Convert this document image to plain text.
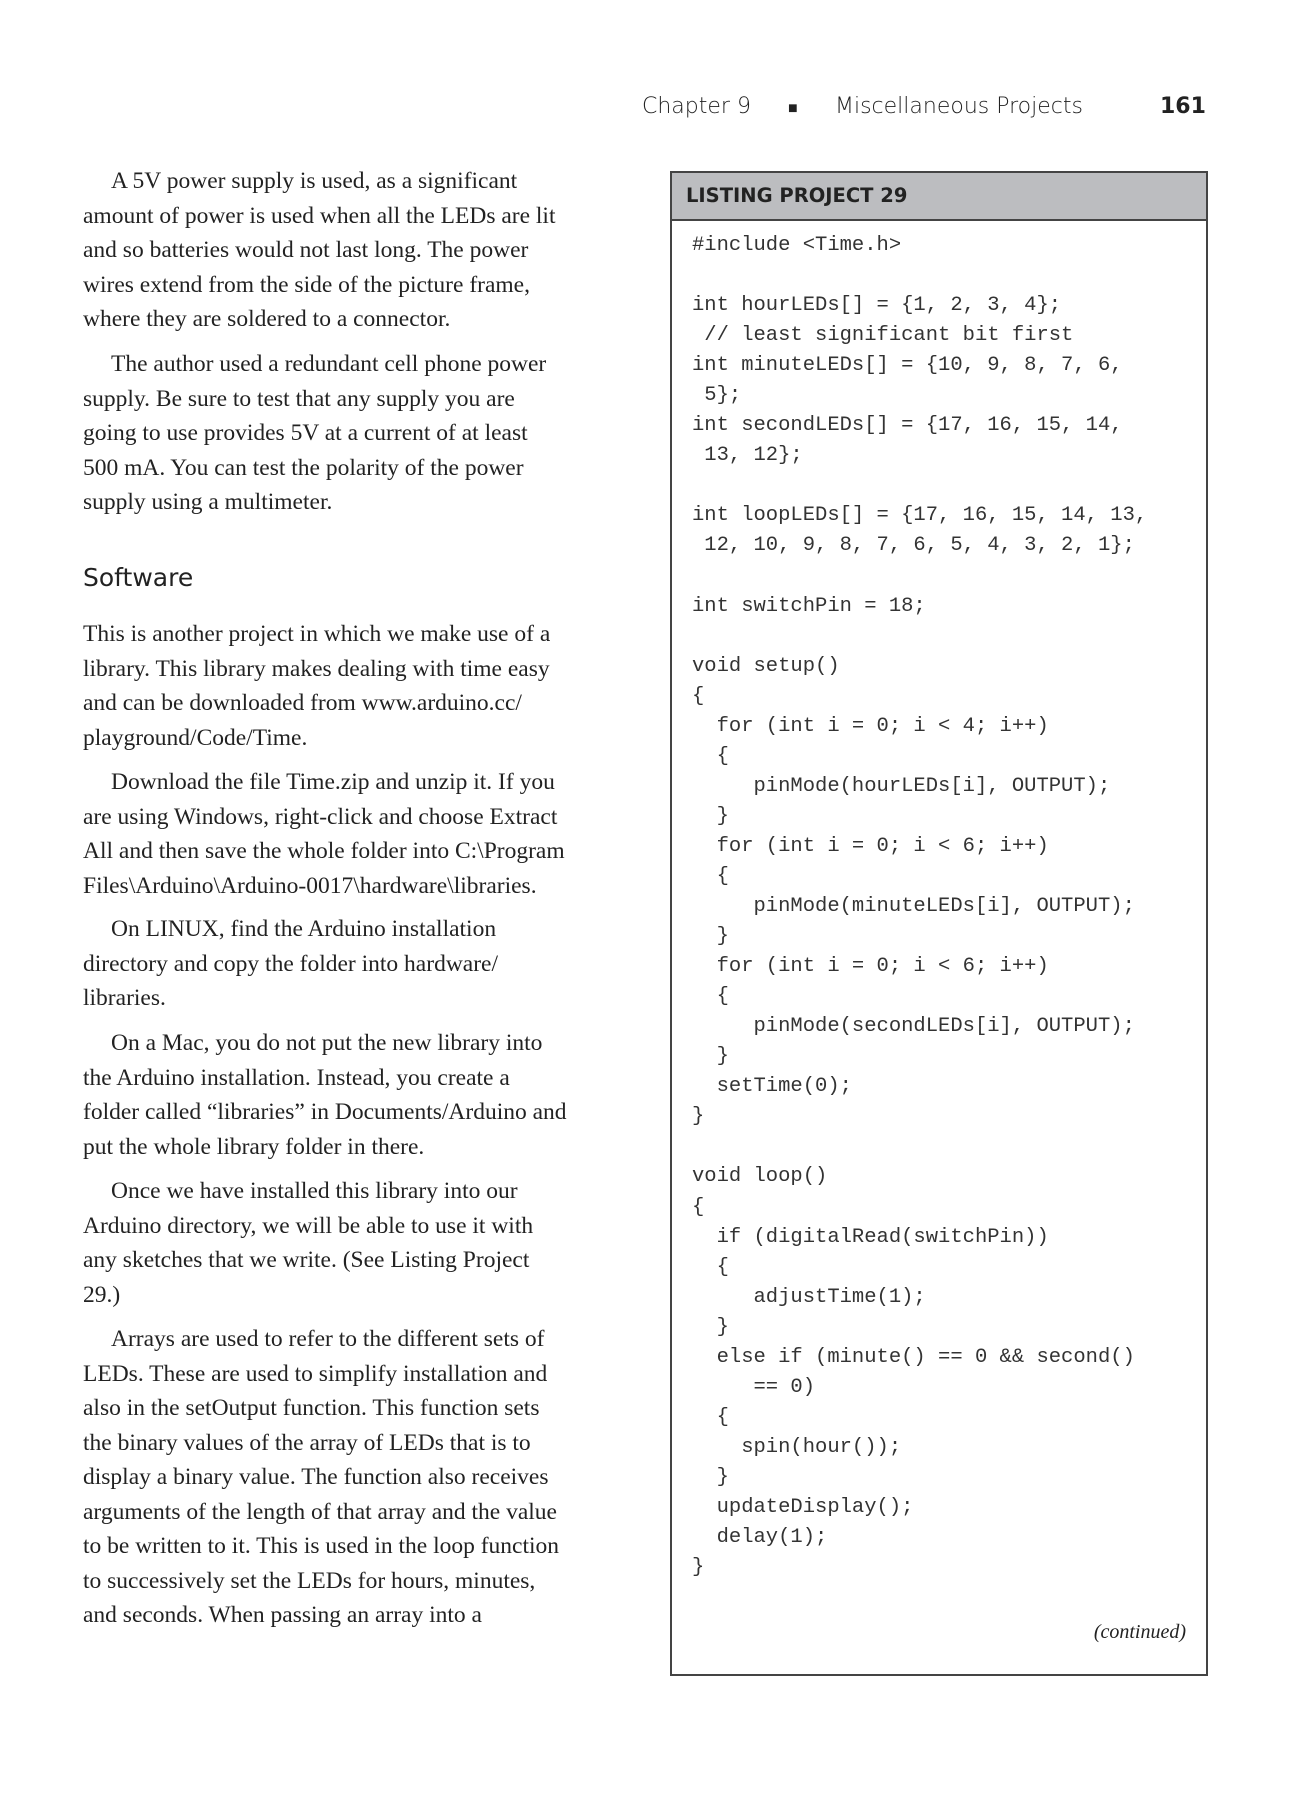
Chapter 9 ■ Miscellaneous Projects	161
A 5V power supply is used, as a significant
amount of power is used when all the LEDs are lit
and so batteries would not last long. The power
wires extend from the side of the picture frame,
where they are soldered to a connector.
The author used a redundant cell phone power
supply. Be sure to test that any supply you are
going to use provides 5V at a current of at least
500 mA. You can test the polarity of the power
supply using a multimeter.
Software
This is another project in which we make use of a
library. This library makes dealing with time easy
and can be downloaded from www.arduino.cc/
playground/Code/Time.
Download the file Time.zip and unzip it. If you
are using Windows, right-click and choose Extract
All and then save the whole folder into C:\Program
Files\Arduino\Arduino-0017\hardware\libraries.
On LINUX, find the Arduino installation
directory and copy the folder into hardware/
libraries.
On a Mac, you do not put the new library into
the Arduino installation. Instead, you create a
folder called “libraries” in Documents/Arduino and
put the whole library folder in there.
Once we have installed this library into our
Arduino directory, we will be able to use it with
any sketches that we write. (See Listing Project
29.)
Arrays are used to refer to the different sets of
LEDs. These are used to simplify installation and
also in the setOutput function. This function sets
the binary values of the array of LEDs that is to
display a binary value. The function also receives
arguments of the length of that array and the value
to be written to it. This is used in the loop function
to successively set the LEDs for hours, minutes,
and seconds. When passing an array into a
LISTING PROJECT 29
#include <Time.h>
int hourLEDs[] = {1, 2, 3, 4};
// least significant bit first
int minuteLEDs[] = {10, 9, 8, 7, 6,
5};
int secondLEDs[] = {17, 16, 15, 14,
13, 12};
int loopLEDs[] = {17, 16, 15, 14, 13,
12, 10, 9, 8, 7, 6, 5, 4, 3, 2, 1};
int switchPin = 18;
void setup()
{
for (int i = 0; i < 4; i++)
{
pinMode(hourLEDs[i], OUTPUT);
}
for (int i = 0; i < 6; i++)
{
pinMode(minuteLEDs[i], OUTPUT);
}
for (int i = 0; i < 6; i++)
{
pinMode(secondLEDs[i], OUTPUT);
}
setTime(0);
}
void loop()
{
if (digitalRead(switchPin))
{
adjustTime(1);
}
else if (minute() == 0 && second()
== 0)
{
spin(hour());
}
updateDisplay();
delay(1);
}
(continued)
